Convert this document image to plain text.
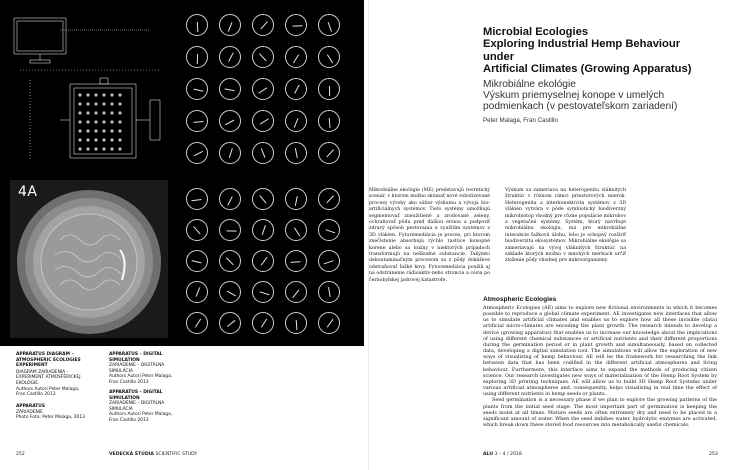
4A
APPARATUS DIAGRAM –
ATMOSPHERIC ECOLOGIES
EXPERIMENT
DIAGRAM ZARIADENIA –
EXPERIMENT ATMOSFÉRICKEJ
EKOLÓGIE
Authors Autori Peter Malaga,
Fran Castillo 2013
APPARATUS
ZARIADENIE
Photo Foto: Peter Malaga, 2013
APPARATUS – DIGITAL SIMULATION
ZARIADENIE – DIGITÁLNA
SIMULÁCIA
Authors Autori Peter Malaga,
Fran Castillo 2013
APPARATUS – DIGITAL SIMULATION
ZARIADENIE – DIGITÁLNA
SIMULÁCIA
Authors Autori Peter Malaga,
Fran Castillo 2013
252	VEDECKÁ ŠTÚDIA SCIENTIFIC STUDY
Microbial Ecologies
Exploring Industrial Hemp Behaviour under
Artificial Climates (Growing Apparatus)
Mikrobiálne ekológie
Výskum priemyselnej konope v umelých
podmienkach (v pestovateľskom zariadení)
Peter Malaga, Fran Castillo
Mikrobiálne ekológie (ME) predstavujú teoretický scenár, v ktorom možno skúmať nové robotizované procesy výroby ako súbor výskumu a vývoja bio-artificiálnych systémov. Tieto systémy umožňujú segmentovať zneužitiené a zrodované zeleny, ochraňovať pôdu pred ďalšou erziou a podporiť zdravý spôsob pestovania a využitím systémov z 3D vlákien. Fytoremediácia je proces, pri ktorom znečistenie absorbujú rýchlo rastúce konopné korene alebo sa toxiny v niektorých prípadoch transformujú na neškodné substancie. Takýmto dekontaminačným procesom sa z pôdy dokáževe odstraňovať ťažké kovy. Fytoremediácia použili aj na odstránenie rádioaktív-neho stroncia a cézia po černobyľskej jadrovej katastrofe.
Výskum sa zameriava na heterogenitu vláknitých štruktúr v rôznom rámci priestorových mierok. Heterogenita a interkonektivita systémov z 3D vlákien vytvára v pôde symbiotický biodiverzný mikrobiotop vhodný pre rôzne populácie mikrobov a vegetačné systémy. Systém, ktorý navrhuje mikrobiálnu ekológiu, má pre mikrobiálne interakcie ťažkovú úlohu, lebo je schopný rozšíriť biodiverzitu ekosystémov. Mikrobiálne ekológie sa zameriavajú na vývoj vláknitých štruktúr, na základe ktorých možno v mnohých merkach určiť zloženie pôdy vhodnej pre mikroorganizmy.
Atmospheric Ecologies

Atmospheric Ecologies (AE) aims to explore new fictional environments in which it becomes possible to reproduce a global climate experiment. AE investigates new interfaces that allow us to simulate artificial climates and enables us to explore how all these invisible (data) artificial micro-climates are encoding the plant growth. The research intends to develop a device (growing apparatus) that enables us to increase our knowledge about the implications of using different chemical substances or artificial nutrients and their different proportions during the germination period or in plant growth and simultaneously, based on collected data, developing a digital simulation tool. The simulations will allow the exploration of new ways of visualizing of hemp behaviour. AE will be the framework for researching the link between data that has been codified in the different artificial atmospheres and living behaviour. Furthermore, this interface aims to expand the methods of producing citizen science. Our research investigates new ways of materialization of the Hemp Root System by exploring 3D printing techniques. AE will allow us to build 3D Hemp Root Systems under various artificial atmospheres and, consequently, helps visualizing in real time the effect of using different nutrients in hemp seeds or plants.

Seed germination is a necessary phase if we plan to explore the growing patterns of the plants from the initial seed stage. The most important part of germination is keeping the seeds moist at all times. Mature seeds are often extremely dry and need to be placed in a significant amount of water. When the seed imbibes water, hydrolytic enzymes are activated, which break down these stored food resources into metabolically useful chemicals.

ALU 3 – 4 / 2018	253
